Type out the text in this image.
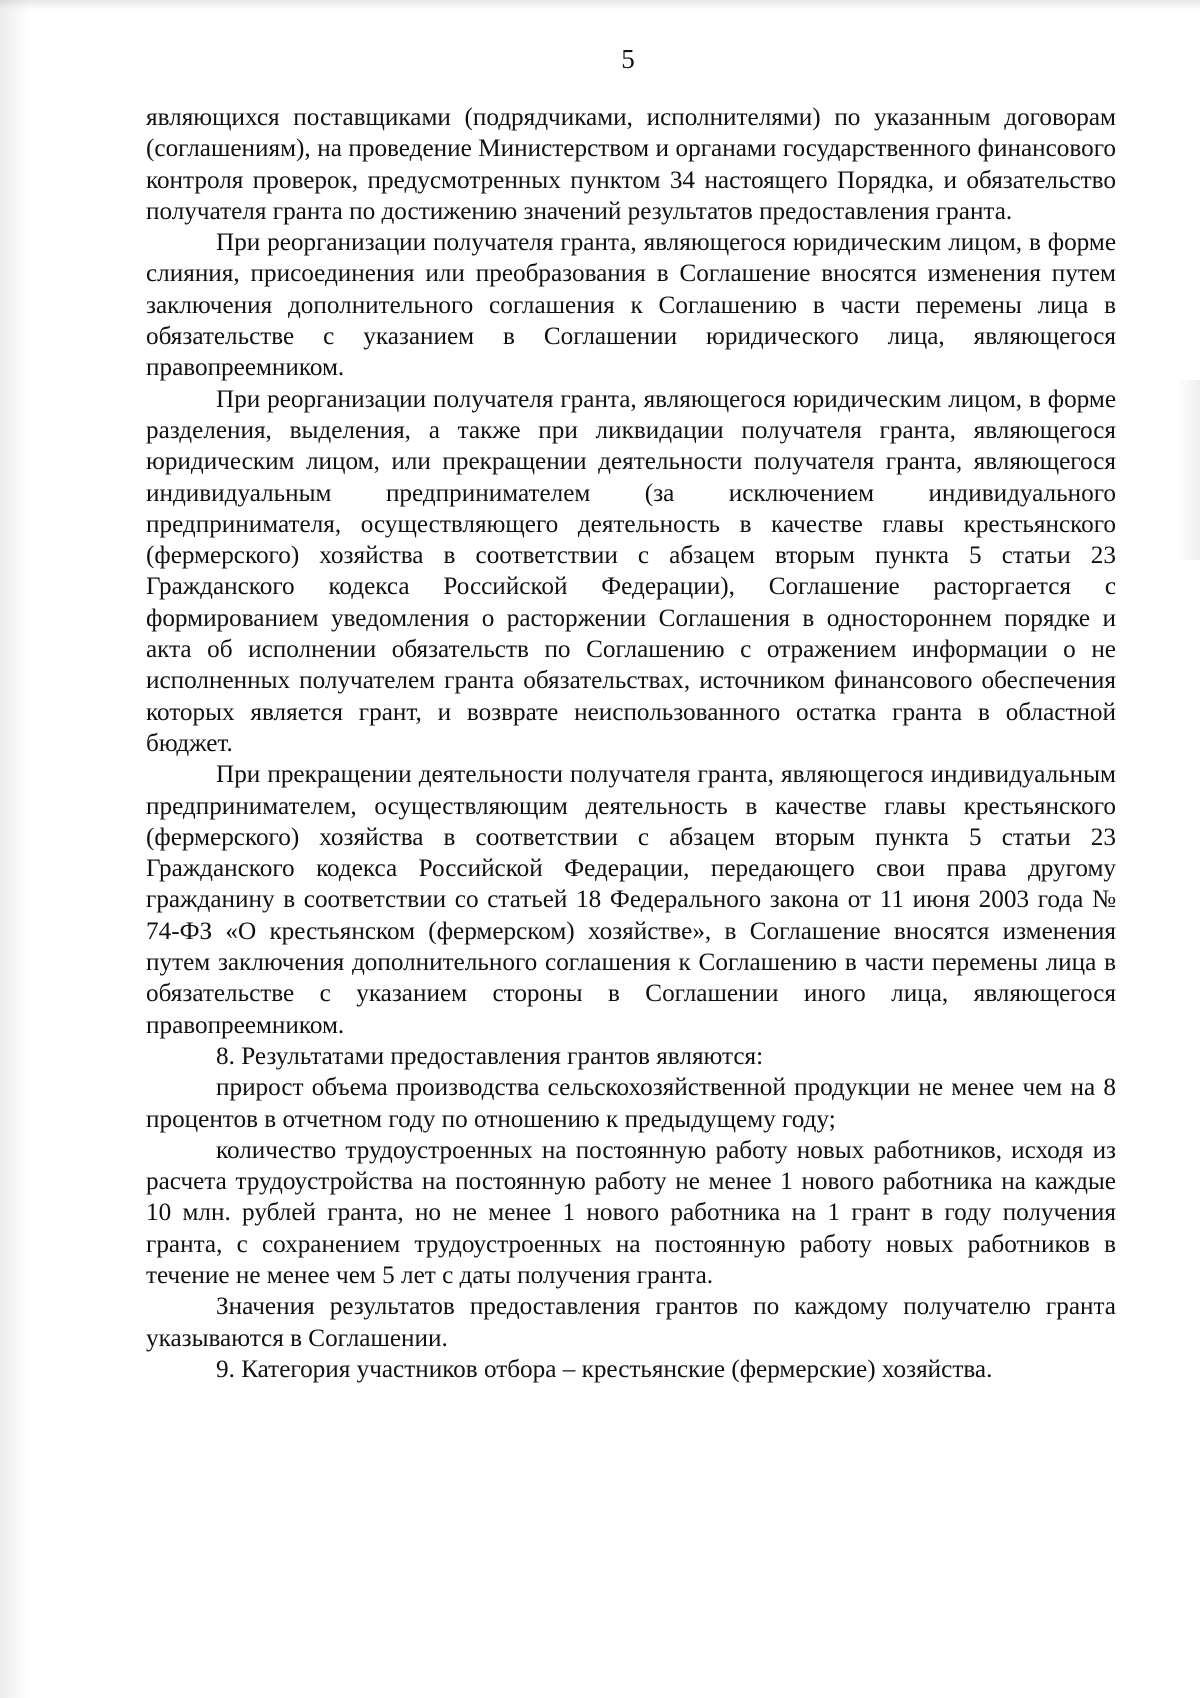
5

являющихся поставщиками (подрядчиками, исполнителями) по указанным договорам (соглашениям), на проведение Министерством и органами государственного финансового контроля проверок, предусмотренных пунктом 34 настоящего Порядка, и обязательство получателя гранта по достижению значений результатов предоставления гранта.

При реорганизации получателя гранта, являющегося юридическим лицом, в форме слияния, присоединения или преобразования в Соглашение вносятся изменения путем заключения дополнительного соглашения к Соглашению в части перемены лица в обязательстве с указанием в Соглашении юридического лица, являющегося правопреемником.

При реорганизации получателя гранта, являющегося юридическим лицом, в форме разделения, выделения, а также при ликвидации получателя гранта, являющегося юридическим лицом, или прекращении деятельности получателя гранта, являющегося индивидуальным предпринимателем (за исключением индивидуального предпринимателя, осуществляющего деятельность в качестве главы крестьянского (фермерского) хозяйства в соответствии с абзацем вторым пункта 5 статьи 23 Гражданского кодекса Российской Федерации), Соглашение расторгается с формированием уведомления о расторжении Соглашения в одностороннем порядке и акта об исполнении обязательств по Соглашению с отражением информации о не исполненных получателем гранта обязательствах, источником финансового обеспечения которых является грант, и возврате неиспользованного остатка гранта в областной бюджет.

При прекращении деятельности получателя гранта, являющегося индивидуальным предпринимателем, осуществляющим деятельность в качестве главы крестьянского (фермерского) хозяйства в соответствии с абзацем вторым пункта 5 статьи 23 Гражданского кодекса Российской Федерации, передающего свои права другому гражданину в соответствии со статьей 18 Федерального закона от 11 июня 2003 года № 74-ФЗ «О крестьянском (фермерском) хозяйстве», в Соглашение вносятся изменения путем заключения дополнительного соглашения к Соглашению в части перемены лица в обязательстве с указанием стороны в Соглашении иного лица, являющегося правопреемником.

8. Результатами предоставления грантов являются:

прирост объема производства сельскохозяйственной продукции не менее чем на 8 процентов в отчетном году по отношению к предыдущему году;

количество трудоустроенных на постоянную работу новых работников, исходя из расчета трудоустройства на постоянную работу не менее 1 нового работника на каждые 10 млн. рублей гранта, но не менее 1 нового работника на 1 грант в году получения гранта, с сохранением трудоустроенных на постоянную работу новых работников в течение не менее чем 5 лет с даты получения гранта.

Значения результатов предоставления грантов по каждому получателю гранта указываются в Соглашении.

9. Категория участников отбора – крестьянские (фермерские) хозяйства.
